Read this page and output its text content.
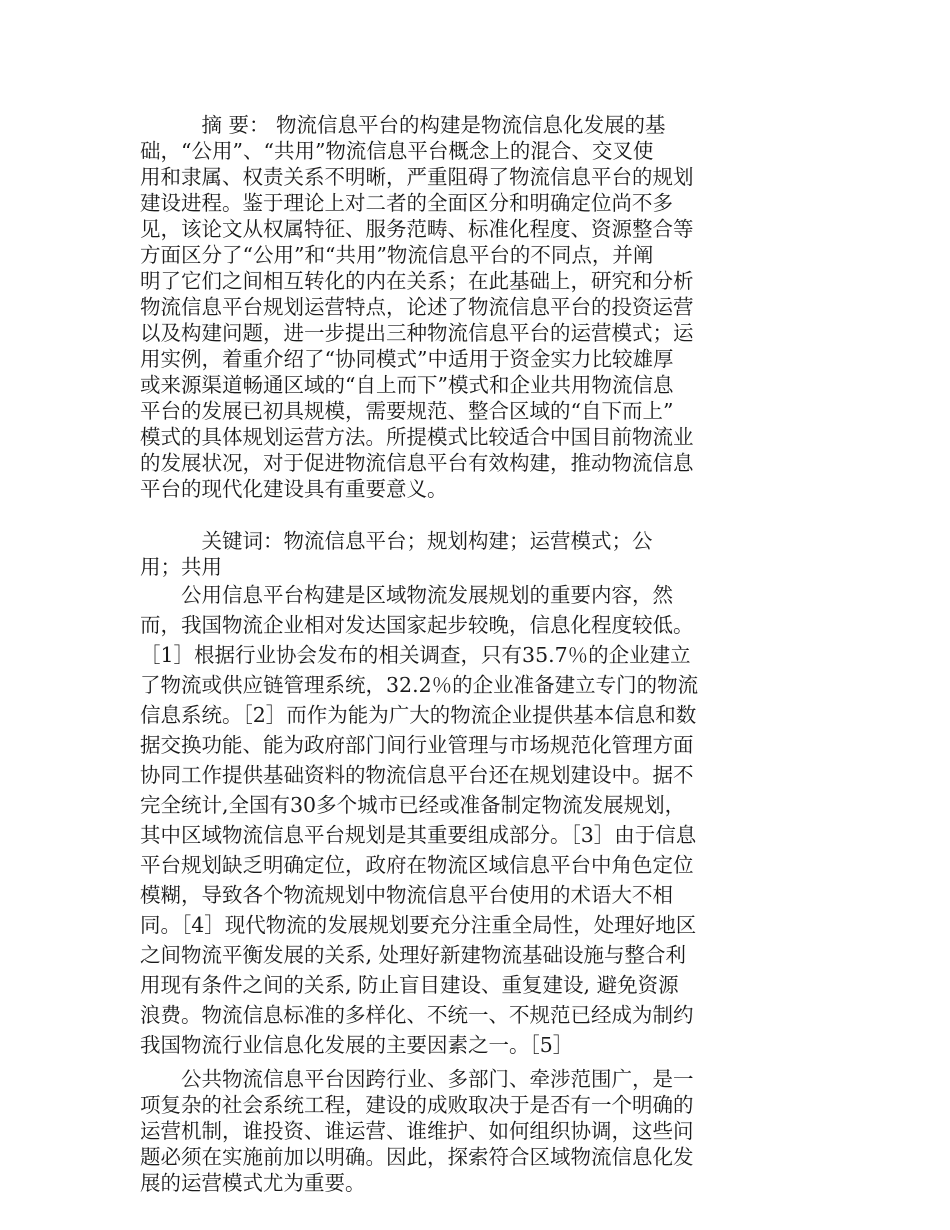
　　　摘 要： 物流信息平台的构建是物流信息化发展的基
础，“公用”、“共用”物流信息平台概念上的混合、交叉使
用和隶属、权责关系不明晰，严重阻碍了物流信息平台的规划
建设进程。鉴于理论上对二者的全面区分和明确定位尚不多
见，该论文从权属特征、服务范畴、标准化程度、资源整合等
方面区分了“公用”和“共用”物流信息平台的不同点，并阐
明了它们之间相互转化的内在关系；在此基础上，研究和分析
物流信息平台规划运营特点，论述了物流信息平台的投资运营
以及构建问题，进一步提出三种物流信息平台的运营模式；运
用实例，着重介绍了“协同模式”中适用于资金实力比较雄厚
或来源渠道畅通区域的“自上而下”模式和企业共用物流信息
平台的发展已初具规模，需要规范、整合区域的“自下而上”
模式的具体规划运营方法。所提模式比较适合中国目前物流业
的发展状况，对于促进物流信息平台有效构建，推动物流信息
平台的现代化建设具有重要意义。
　　　关键词：物流信息平台；规划构建；运营模式；公
用；共用
　　公用信息平台构建是区域物流发展规划的重要内容，然
而，我国物流企业相对发达国家起步较晚，信息化程度较低。
［1］根据行业协会发布的相关调查，只有35.7％的企业建立
了物流或供应链管理系统，32.2％的企业准备建立专门的物流
信息系统。［2］而作为能为广大的物流企业提供基本信息和数
据交换功能、能为政府部门间行业管理与市场规范化管理方面
协同工作提供基础资料的物流信息平台还在规划建设中。据不
完全统计,全国有30多个城市已经或准备制定物流发展规划，
其中区域物流信息平台规划是其重要组成部分。［3］由于信息
平台规划缺乏明确定位，政府在物流区域信息平台中角色定位
模糊，导致各个物流规划中物流信息平台使用的术语大不相
同。［4］现代物流的发展规划要充分注重全局性，处理好地区
之间物流平衡发展的关系, 处理好新建物流基础设施与整合利
用现有条件之间的关系, 防止盲目建设、重复建设, 避免资源
浪费。物流信息标准的多样化、不统一、不规范已经成为制约
我国物流行业信息化发展的主要因素之一。［5］
　　公共物流信息平台因跨行业、多部门、牵涉范围广，是一
项复杂的社会系统工程，建设的成败取决于是否有一个明确的
运营机制，谁投资、谁运营、谁维护、如何组织协调，这些问
题必须在实施前加以明确。因此，探索符合区域物流信息化发
展的运营模式尤为重要。
